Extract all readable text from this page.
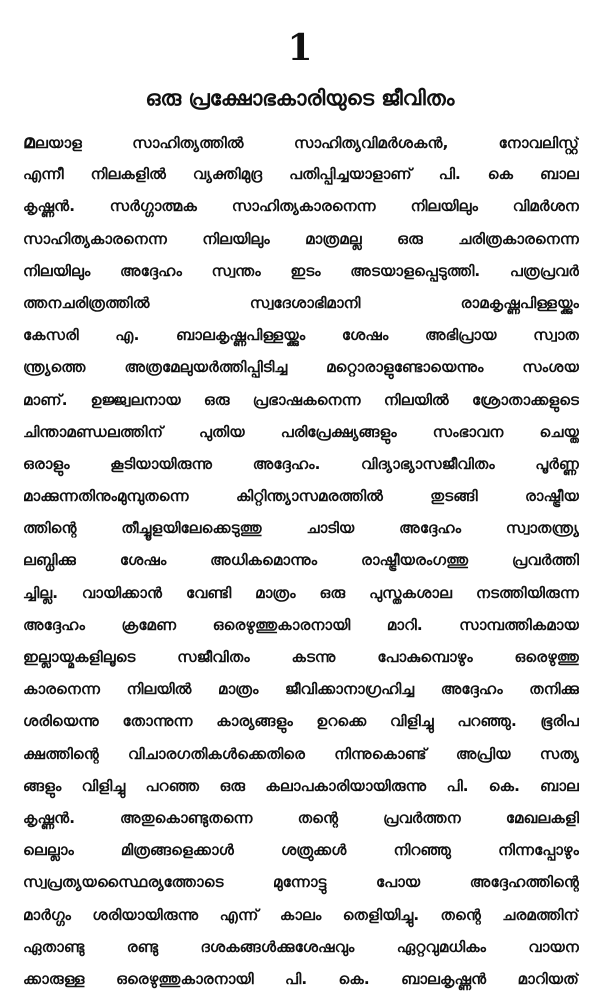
1
ഒരു പ്രക്ഷോഭകാരിയുടെ ജീവിതം
മലയാള സാഹിത്യത്തിൽ സാഹിത്യവിമർശകൻ, നോവലിസ്റ്റ്
എന്നീ നിലകളിൽ വ്യക്തിമുദ്ര പതിപ്പിച്ചയാളാണ് പി. കെ ബാല
കൃഷ്ണൻ. സർഗ്ഗാത്മക സാഹിത്യകാരനെന്ന നിലയിലും വിമർശന
സാഹിത്യകാരനെന്ന നിലയിലും മാത്രമല്ല ഒരു ചരിത്രകാരനെന്ന
നിലയിലും അദ്ദേഹം സ്വന്തം ഇടം അടയാളപ്പെടുത്തി. പത്രപ്രവർ
ത്തനചരിത്രത്തിൽ സ്വദേശാഭിമാനി രാമകൃഷ്ണപിള്ളയ്ക്കും
കേസരി എ. ബാലകൃഷ്ണപിള്ളയ്ക്കും ശേഷം അഭിപ്രായ സ്വാത
ന്ത്ര്യത്തെ അത്രമേലുയർത്തിപ്പിടിച്ച മറ്റൊരാളുണ്ടോയെന്നും സംശയ
മാണ്. ഉജ്ജ്വലനായ ഒരു പ്രഭാഷകനെന്ന നിലയിൽ ശ്രോതാക്കളുടെ
ചിന്താമണ്ഡലത്തിന് പുതിയ പരിപ്രേക്ഷ്യങ്ങളും സംഭാവന ചെയ്ത
ഒരാളും കൂടിയായിരുന്നു അദ്ദേഹം. വിദ്യാഭ്യാസജീവിതം പൂർണ്ണ
മാക്കുന്നതിനുംമുമ്പുതന്നെ കിറ്റിന്ത്യാസമരത്തിൽ തുടങ്ങി രാഷ്ട്രീയ
ത്തിന്റെ തീച്ചൂളയിലേക്കെടുത്തു ചാടിയ അദ്ദേഹം സ്വാതന്ത്ര്യ
ലബ്ധിക്കു ശേഷം അധികമൊന്നും രാഷ്ട്രീയരംഗത്തു പ്രവർത്തി
ച്ചില്ല. വായിക്കാൻ വേണ്ടി മാത്രം ഒരു പുസ്തകശാല നടത്തിയിരുന്ന
അദ്ദേഹം ക്രമേണ ഒരെഴുത്തുകാരനായി മാറി. സാമ്പത്തികമായ
ഇല്ലായ്മകളിലൂടെ സജീവിതം കടന്നു പോകുമ്പൊഴും ഒരെഴുത്തു
കാരനെന്ന നിലയിൽ മാത്രം ജീവിക്കാനാഗ്രഹിച്ച അദ്ദേഹം തനിക്കു
ശരിയെന്നു തോന്നുന്ന കാര്യങ്ങളും ഉറക്കെ വിളിച്ചു പറഞ്ഞു. ഭൂരിപ
ക്ഷത്തിന്റെ വിചാരഗതികൾക്കെതിരെ നിന്നുകൊണ്ട് അപ്രിയ സത്യ
ങ്ങളും വിളിച്ചു പറഞ്ഞ ഒരു കലാപകാരിയായിരുന്നു പി. കെ. ബാല
കൃഷ്ണൻ. അതുകൊണ്ടുതന്നെ തന്റെ പ്രവർത്തന മേഖലകളി
ലെല്ലാം മിത്രങ്ങളെക്കാൾ ശത്രുക്കൾ നിറഞ്ഞു നിന്നപ്പോഴും
സ്വപ്രത്യയസ്ഥൈര്യത്തോടെ മുന്നോട്ടു പോയ അദ്ദേഹത്തിന്റെ
മാർഗ്ഗം ശരിയായിരുന്നു എന്ന് കാലം തെളിയിച്ചു. തന്റെ ചരമത്തിന്
ഏതാണ്ടു രണ്ടു ദശകങ്ങൾക്കുശേഷവും ഏറ്റവുമധികം വായന
ക്കാരുള്ള ഒരെഴുത്തുകാരനായി പി. കെ. ബാലകൃഷ്ണൻ മാറിയത്
